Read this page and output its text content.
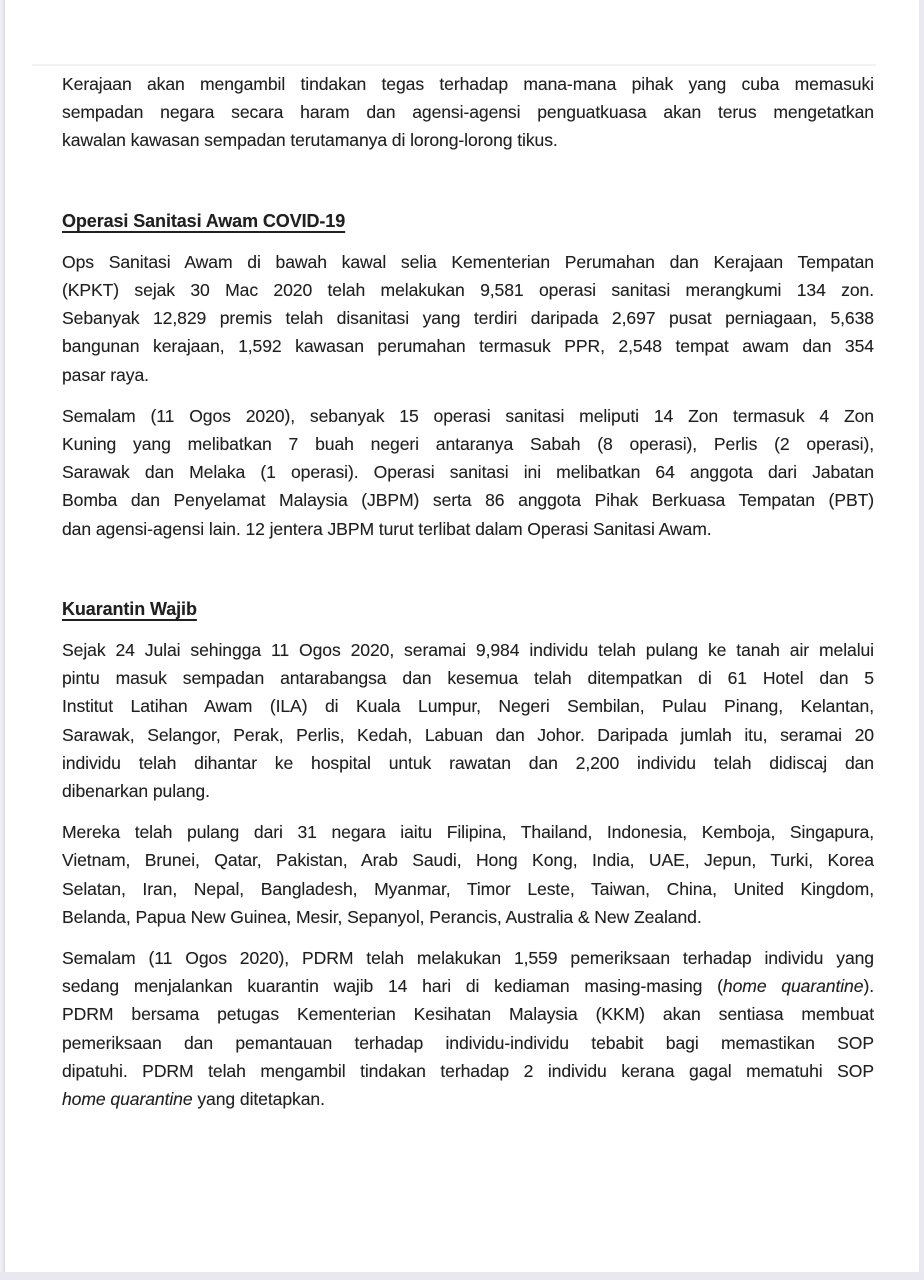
Kerajaan akan mengambil tindakan tegas terhadap mana-mana pihak yang cuba memasuki
sempadan negara secara haram dan agensi-agensi penguatkuasa akan terus mengetatkan
kawalan kawasan sempadan terutamanya di lorong-lorong tikus.
Operasi Sanitasi Awam COVID-19
Ops Sanitasi Awam di bawah kawal selia Kementerian Perumahan dan Kerajaan Tempatan
(KPKT) sejak 30 Mac 2020 telah melakukan 9,581 operasi sanitasi merangkumi 134 zon.
Sebanyak 12,829 premis telah disanitasi yang terdiri daripada 2,697 pusat perniagaan, 5,638
bangunan kerajaan, 1,592 kawasan perumahan termasuk PPR, 2,548 tempat awam dan 354
pasar raya.
Semalam (11 Ogos 2020), sebanyak 15 operasi sanitasi meliputi 14 Zon termasuk 4 Zon
Kuning yang melibatkan 7 buah negeri antaranya Sabah (8 operasi), Perlis (2 operasi),
Sarawak dan Melaka (1 operasi). Operasi sanitasi ini melibatkan 64 anggota dari Jabatan
Bomba dan Penyelamat Malaysia (JBPM) serta 86 anggota Pihak Berkuasa Tempatan (PBT)
dan agensi-agensi lain. 12 jentera JBPM turut terlibat dalam Operasi Sanitasi Awam.
Kuarantin Wajib
Sejak 24 Julai sehingga 11 Ogos 2020, seramai 9,984 individu telah pulang ke tanah air melalui
pintu masuk sempadan antarabangsa dan kesemua telah ditempatkan di 61 Hotel dan 5
Institut Latihan Awam (ILA) di Kuala Lumpur, Negeri Sembilan, Pulau Pinang, Kelantan,
Sarawak, Selangor, Perak, Perlis, Kedah, Labuan dan Johor. Daripada jumlah itu, seramai 20
individu telah dihantar ke hospital untuk rawatan dan 2,200 individu telah didiscaj dan
dibenarkan pulang.
Mereka telah pulang dari 31 negara iaitu Filipina, Thailand, Indonesia, Kemboja, Singapura,
Vietnam, Brunei, Qatar, Pakistan, Arab Saudi, Hong Kong, India, UAE, Jepun, Turki, Korea
Selatan, Iran, Nepal, Bangladesh, Myanmar, Timor Leste, Taiwan, China, United Kingdom,
Belanda, Papua New Guinea, Mesir, Sepanyol, Perancis, Australia & New Zealand.
Semalam (11 Ogos 2020), PDRM telah melakukan 1,559 pemeriksaan terhadap individu yang
sedang menjalankan kuarantin wajib 14 hari di kediaman masing-masing (home quarantine).
PDRM bersama petugas Kementerian Kesihatan Malaysia (KKM) akan sentiasa membuat
pemeriksaan dan pemantauan terhadap individu-individu tebabit bagi memastikan SOP
dipatuhi. PDRM telah mengambil tindakan terhadap 2 individu kerana gagal mematuhi SOP
home quarantine yang ditetapkan.
